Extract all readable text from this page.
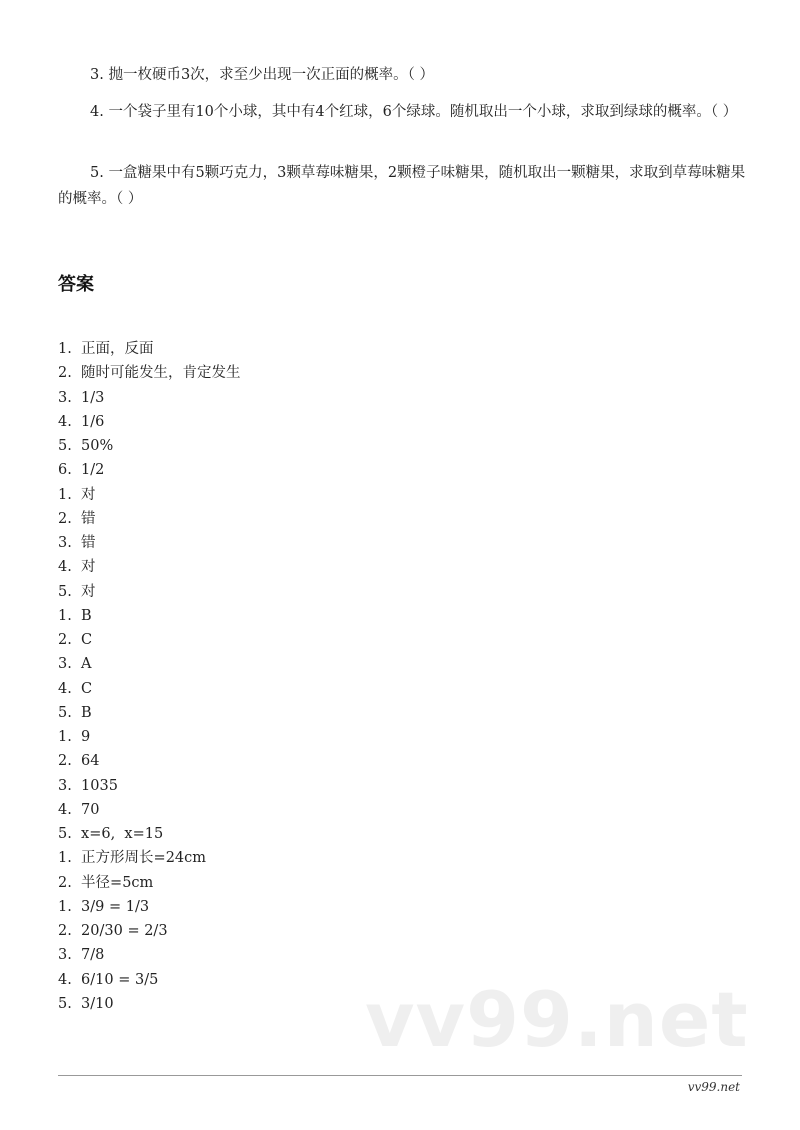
3. 抛一枚硬币3次，求至少出现一次正面的概率。（ ）

4. 一个袋子里有10个小球，其中有4个红球，6个绿球。随机取出一个小球，求取到绿球的概率。（ ）

5. 一盒糖果中有5颗巧克力，3颗草莓味糖果，2颗橙子味糖果，随机取出一颗糖果，求取到草莓味糖果的概率。（ ）

答案
1.  正面，反面
2.  随时可能发生，肯定发生
3.  1/3
4.  1/6
5.  50%
6.  1/2
1.  对
2.  错
3.  错
4.  对
5.  对
1.  B
2.  C
3.  A
4.  C
5.  B
1.  9
2.  64
3.  1035
4.  70
5.  x=6,  x=15
1.  正方形周长=24cm
2.  半径=5cm
1.  3/9 = 1/3
2.  20/30 = 2/3
3.  7/8
4.  6/10 = 3/5
5.  3/10	vv99.net
vv99.net
